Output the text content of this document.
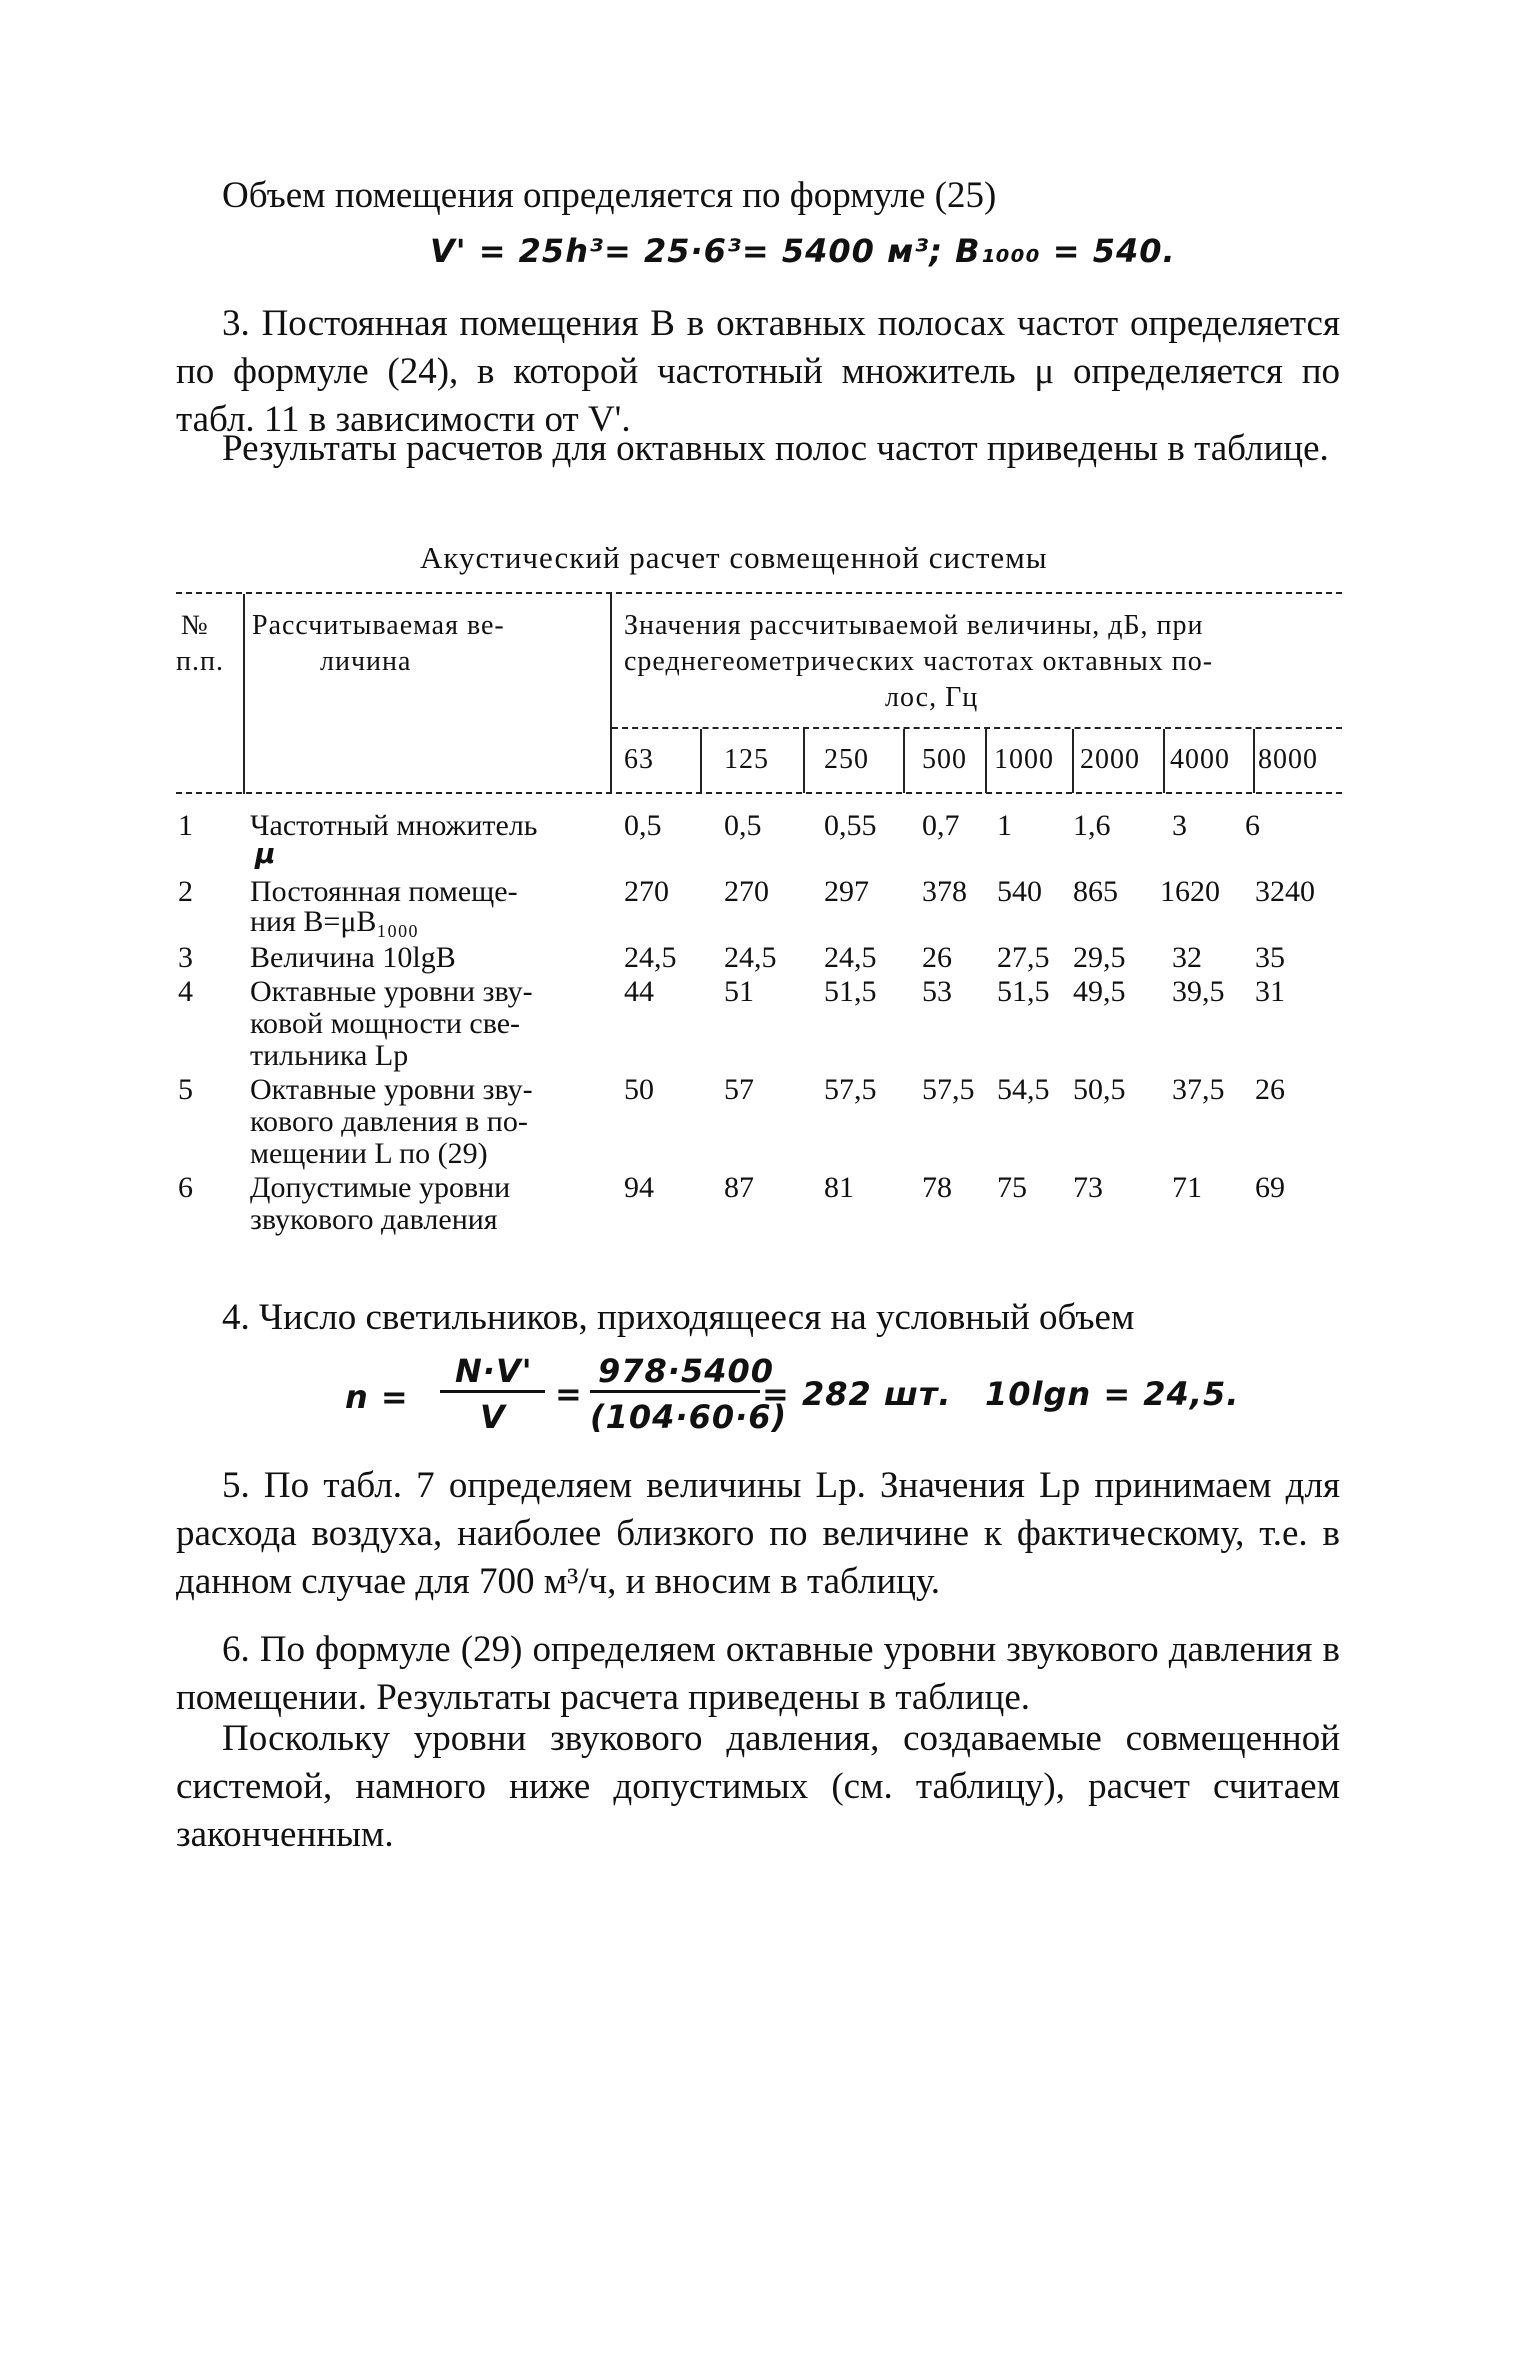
Объем помещения определяется по формуле (25)
V' = 25h³= 25·6³= 5400 м³; B₁₀₀₀ = 540.
3. Постоянная помещения B в октавных полосах частот определяется по формуле (24), в которой частотный множитель μ определяется по табл. 11 в зависимости от V'.
Результаты расчетов для октавных полос частот приведены в таблице.
Акустический расчет совмещенной системы
№
п.п.
Рассчитываемая ве-
личина
Значения рассчитываемой величины, дБ, при
среднегеометрических частотах октавных по-
лос, Гц
63	125 250 500 1000 2000 4000 8000
1 Частотный множитель
μ
0,5 0,5 0,55 0,7 1 1,6 3 6
2 Постоянная помеще-
ния B=μB₁₀₀₀
270 270 297 378 540 865 1620 3240
3 Величина 10lgB	24,5 24,5 24,5 26 27,5 29,5 32 35
4 Октавные уровни зву-
ковой мощности све-
тильника Lp
44 51 51,5 53 51,5 49,5 39,5 31
5 Октавные уровни зву-
кового давления в по-
мещении L по (29)
50 57 57,5 57,5 54,5 50,5 37,5 26
6 Допустимые уровни
звукового давления
94 87 81 78 75 73 71 69
4. Число светильников, приходящееся на условный объем
n =
N·V'
V
=
978·5400
(104·60·6)
= 282 шт. 10lgn = 24,5.
5. По табл. 7 определяем величины Lp. Значения Lp принимаем для расхода воздуха, наиболее близкого по величине к фактическому, т.е. в данном случае для 700 м³/ч, и вносим в таблицу.
6. По формуле (29) определяем октавные уровни звукового давления в помещении. Результаты расчета приведены в таблице.
Поскольку уровни звукового давления, создаваемые совмещенной системой, намного ниже допустимых (см. таблицу), расчет считаем законченным.
